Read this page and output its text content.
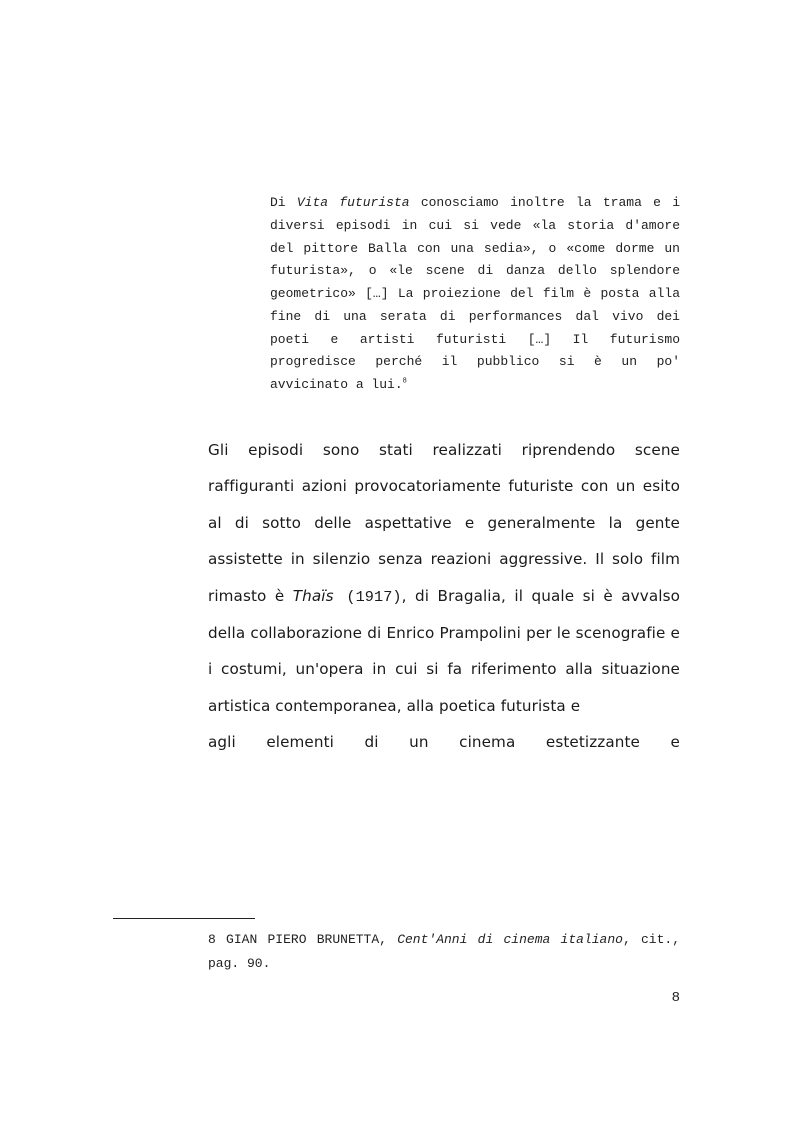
Di Vita futurista conosciamo inoltre la trama e i diversi episodi in cui si vede «la storia d'amore del pittore Balla con una sedia», o «come dorme un futurista», o «le scene di danza dello splendore geometrico» […] La proiezione del film è posta alla fine di una serata di performances dal vivo dei poeti e artisti futuristi […] Il futurismo progredisce perché il pubblico si è un po' avvicinato a lui.$^8$
Gli episodi sono stati realizzati riprendendo scene raffiguranti azioni provocatoriamente futuriste con un esito al di sotto delle aspettative e generalmente la gente assistette in silenzio senza reazioni aggressive. Il solo film rimasto è Thaïs (1917), di Bragalia, il quale si è avvalso della collaborazione di Enrico Prampolini per le scenografie e i costumi, un'opera in cui si fa riferimento alla situazione artistica contemporanea, alla poetica futurista e
agli elementi di un cinema estetizzante e
8 GIAN PIERO BRUNETTA, Cent'Anni di cinema italiano, cit., pag. 90.
8
